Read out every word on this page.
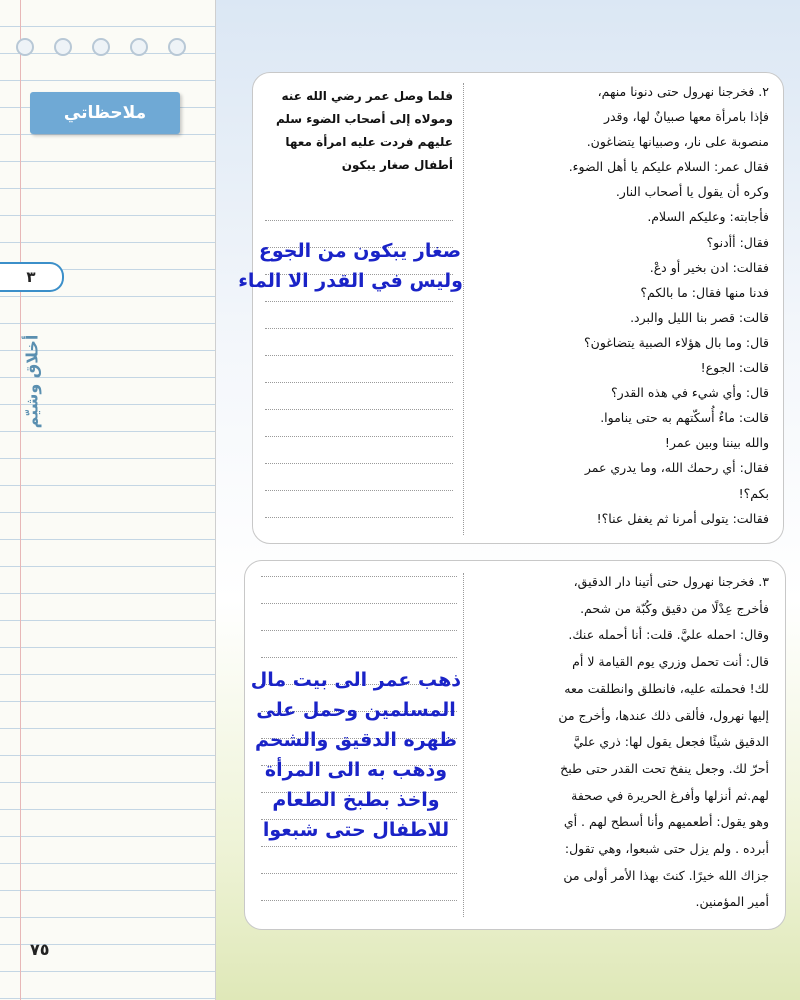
ملاحظاتي
٣
أخلاق وشيّم
٧٥
٢. فخرجنا نهرول حتى دنونا منهم،
فإذا بامرأة معها صبيانٌ لها، وقدر
منصوبة على نار، وصبيانها يتضاغون.
فقال عمر: السلام عليكم يا أهل الضوء.
وكره أن يقول يا أصحاب النار.
فأجابته: وعليكم السلام.
فقال: أأدنو؟
فقالت: ادن بخير أو دعْ.
فدنا منها فقال: ما بالكم؟
قالت: قصر بنا الليل والبرد.
قال: وما بال هؤلاء الصبية يتضاغون؟
قالت: الجوع!
قال: وأي شيء في هذه القدر؟
قالت: ماءٌ أُسكّتهم به حتى يناموا.
والله بيننا وبين عمر!
فقال: أي رحمك الله، وما يدري عمر
بكم؟!
فقالت: يتولى أمرنا ثم يغفل عنا؟!
فلما وصل عمر رضي الله عنه
ومولاه إلى أصحاب الضوء سلم
عليهم فردت عليه امرأة معها
أطفال صغار يبكون
صغار يبكون من الجوع
وليس في القدر الا الماء
٣. فخرجنا نهرول حتى أتينا دار الدقيق،
فأخرج عِدْلًا من دقيق وكُبّة من شحم.
وقال: احمله عليَّ. قلت: أنا أحمله عنك.
قال: أنت تحمل وزري يوم القيامة لا أم
لك! فحملته عليه، فانطلق وانطلقت معه
إليها نهرول، فألقى ذلك عندها، وأخرج من
الدقيق شيئًا فجعل يقول لها: ذري عليَّ
أحرّ لك. وجعل ينفخ تحت القدر حتى طبخ
لهم.ثم أنزلها وأفرغ الحريرة في صحفة
وهو يقول: أطعميهم وأنا أسطح لهم . أي
أبرده . ولم يزل حتى شبعوا، وهي تقول:
جزاك الله خيرًا. كنتَ بهذا الأمر أولى من
أمير المؤمنين.
ذهب عمر الى بيت مال
المسلمين وحمل على
ظهره الدقيق والشحم
وذهب به الى المرأة
واخذ بطبخ الطعام
للاطفال حتى شبعوا
